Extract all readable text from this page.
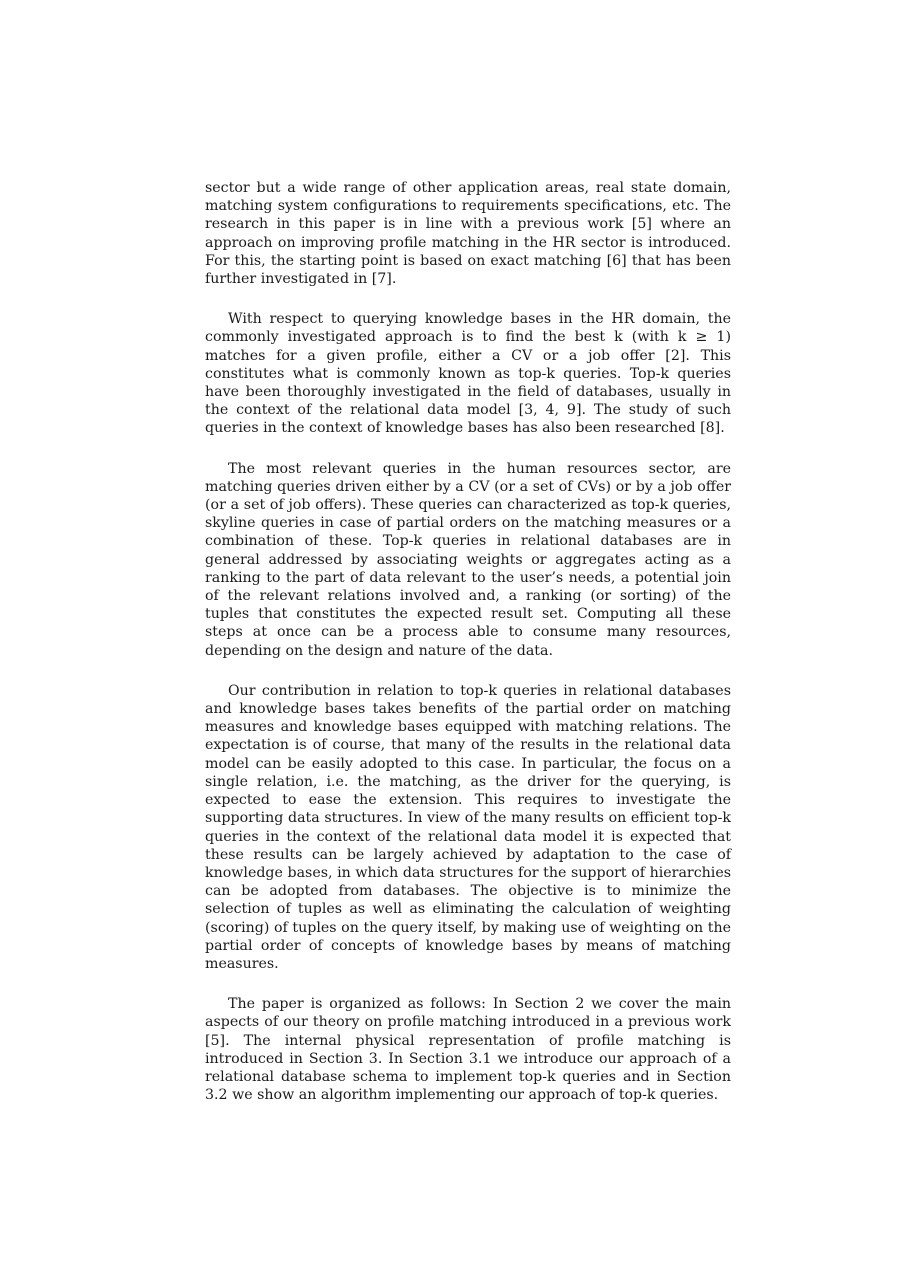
sector but a wide range of other application areas, real state domain, matching system configurations to requirements specifications, etc. The research in this paper is in line with a previous work [5] where an approach on improving profile matching in the HR sector is introduced. For this, the starting point is based on exact matching [6] that has been further investigated in [7].

With respect to querying knowledge bases in the HR domain, the commonly investigated approach is to find the best k (with k ≥ 1) matches for a given profile, either a CV or a job offer [2]. This constitutes what is commonly known as top-k queries. Top-k queries have been thoroughly investigated in the field of databases, usually in the context of the relational data model [3, 4, 9]. The study of such queries in the context of knowledge bases has also been researched [8].

The most relevant queries in the human resources sector, are matching queries driven either by a CV (or a set of CVs) or by a job offer (or a set of job offers). These queries can characterized as top-k queries, skyline queries in case of partial orders on the matching measures or a combination of these. Top-k queries in relational databases are in general addressed by associating weights or aggregates acting as a ranking to the part of data relevant to the user’s needs, a potential join of the relevant relations involved and, a ranking (or sorting) of the tuples that constitutes the expected result set. Computing all these steps at once can be a process able to consume many resources, depending on the design and nature of the data.

Our contribution in relation to top-k queries in relational databases and knowledge bases takes benefits of the partial order on matching measures and knowledge bases equipped with matching relations. The expectation is of course, that many of the results in the relational data model can be easily adopted to this case. In particular, the focus on a single relation, i.e. the matching, as the driver for the querying, is expected to ease the extension. This requires to investigate the supporting data structures. In view of the many results on efficient top-k queries in the context of the relational data model it is expected that these results can be largely achieved by adaptation to the case of knowledge bases, in which data structures for the support of hierarchies can be adopted from databases. The objective is to minimize the selection of tuples as well as eliminating the calculation of weighting (scoring) of tuples on the query itself, by making use of weighting on the partial order of concepts of knowledge bases by means of matching measures.

The paper is organized as follows: In Section 2 we cover the main aspects of our theory on profile matching introduced in a previous work [5]. The internal physical representation of profile matching is introduced in Section 3. In Section 3.1 we introduce our approach of a relational database schema to implement top-k queries and in Section 3.2 we show an algorithm implementing our approach of top-k queries.
